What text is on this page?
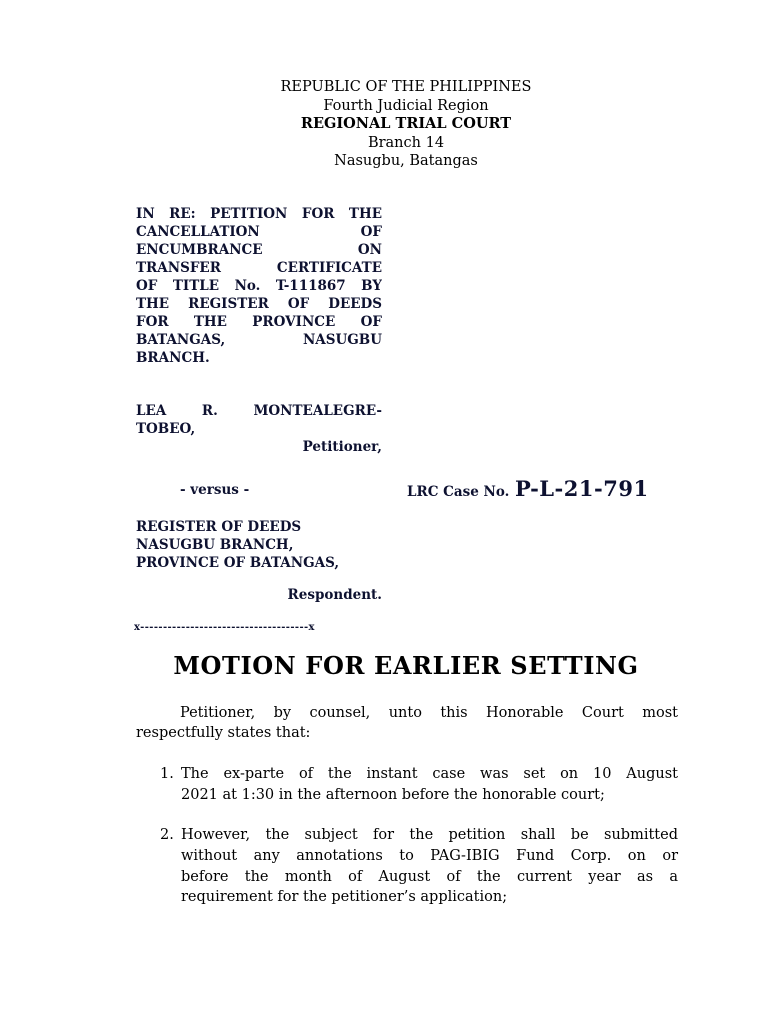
REPUBLIC OF THE PHILIPPINES
Fourth Judicial Region
REGIONAL TRIAL COURT
Branch 14
Nasugbu, Batangas
IN RE: PETITION FOR THE
CANCELLATION OF
ENCUMBRANCE ON
TRANSFER CERTIFICATE
OF TITLE No. T-111867 BY
THE REGISTER OF DEEDS
FOR THE PROVINCE OF
BATANGAS, NASUGBU
BRANCH.
LEA R. MONTEALEGRE-
TOBEO,
Petitioner,
- versus -	LRC Case No. P-L-21-791
REGISTER OF DEEDS
NASUGBU BRANCH,
PROVINCE OF BATANGAS,
Respondent.
x-------------------------------------x
MOTION FOR EARLIER SETTING
Petitioner, by counsel, unto this Honorable Court most
respectfully states that:
1. The ex-parte of the instant case was set on 10 August
2021 at 1:30 in the afternoon before the honorable court;
2. However, the subject for the petition shall be submitted
without any annotations to PAG-IBIG Fund Corp. on or
before the month of August of the current year as a
requirement for the petitioner’s application;
